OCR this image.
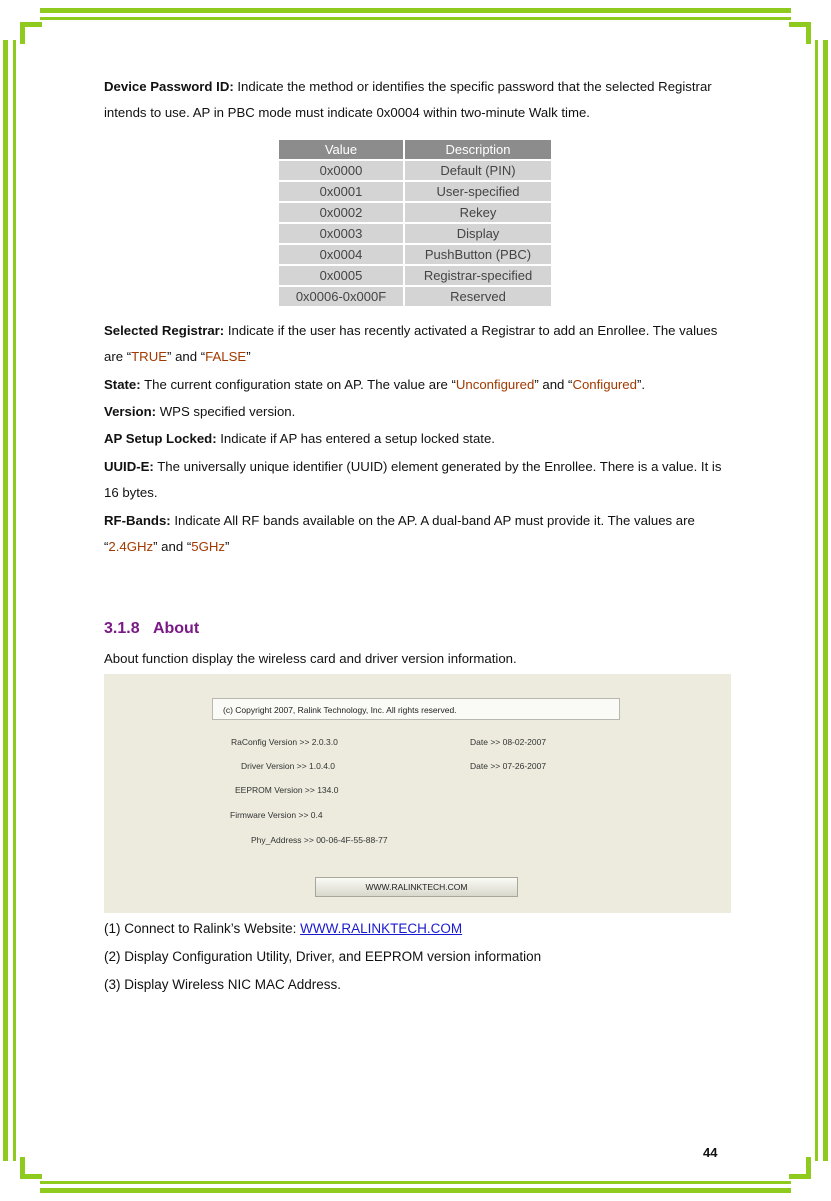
Device Password ID: Indicate the method or identifies the specific password that the selected Registrar intends to use. AP in PBC mode must indicate 0x0004 within two-minute Walk time.
Value	Description
0x0000	Default (PIN)
0x0001	User-specified
0x0002	Rekey
0x0003	Display
0x0004	PushButton (PBC)
0x0005	Registrar-specified
0x0006-0x000F	Reserved
Selected Registrar: Indicate if the user has recently activated a Registrar to add an Enrollee. The values are “TRUE” and “FALSE”
State: The current configuration state on AP. The value are “Unconfigured” and “Configured”.
Version: WPS specified version.
AP Setup Locked: Indicate if AP has entered a setup locked state.
UUID-E: The universally unique identifier (UUID) element generated by the Enrollee. There is a value. It is 16 bytes.
RF-Bands: Indicate All RF bands available on the AP. A dual-band AP must provide it. The values are “2.4GHz” and “5GHz”
3.1.8 About
About function display the wireless card and driver version information.
(c) Copyright 2007, Ralink Technology, Inc. All rights reserved.
RaConfig Version >> 2.0.3.0	Date >> 08-02-2007
Driver Version >> 1.0.4.0	Date >> 07-26-2007
EEPROM Version >> 134.0
Firmware Version >> 0.4
Phy_Address >> 00-06-4F-55-88-77
WWW.RALINKTECH.COM
(1) Connect to Ralink’s Website: WWW.RALINKTECH.COM
(2) Display Configuration Utility, Driver, and EEPROM version information
(3) Display Wireless NIC MAC Address.
44
